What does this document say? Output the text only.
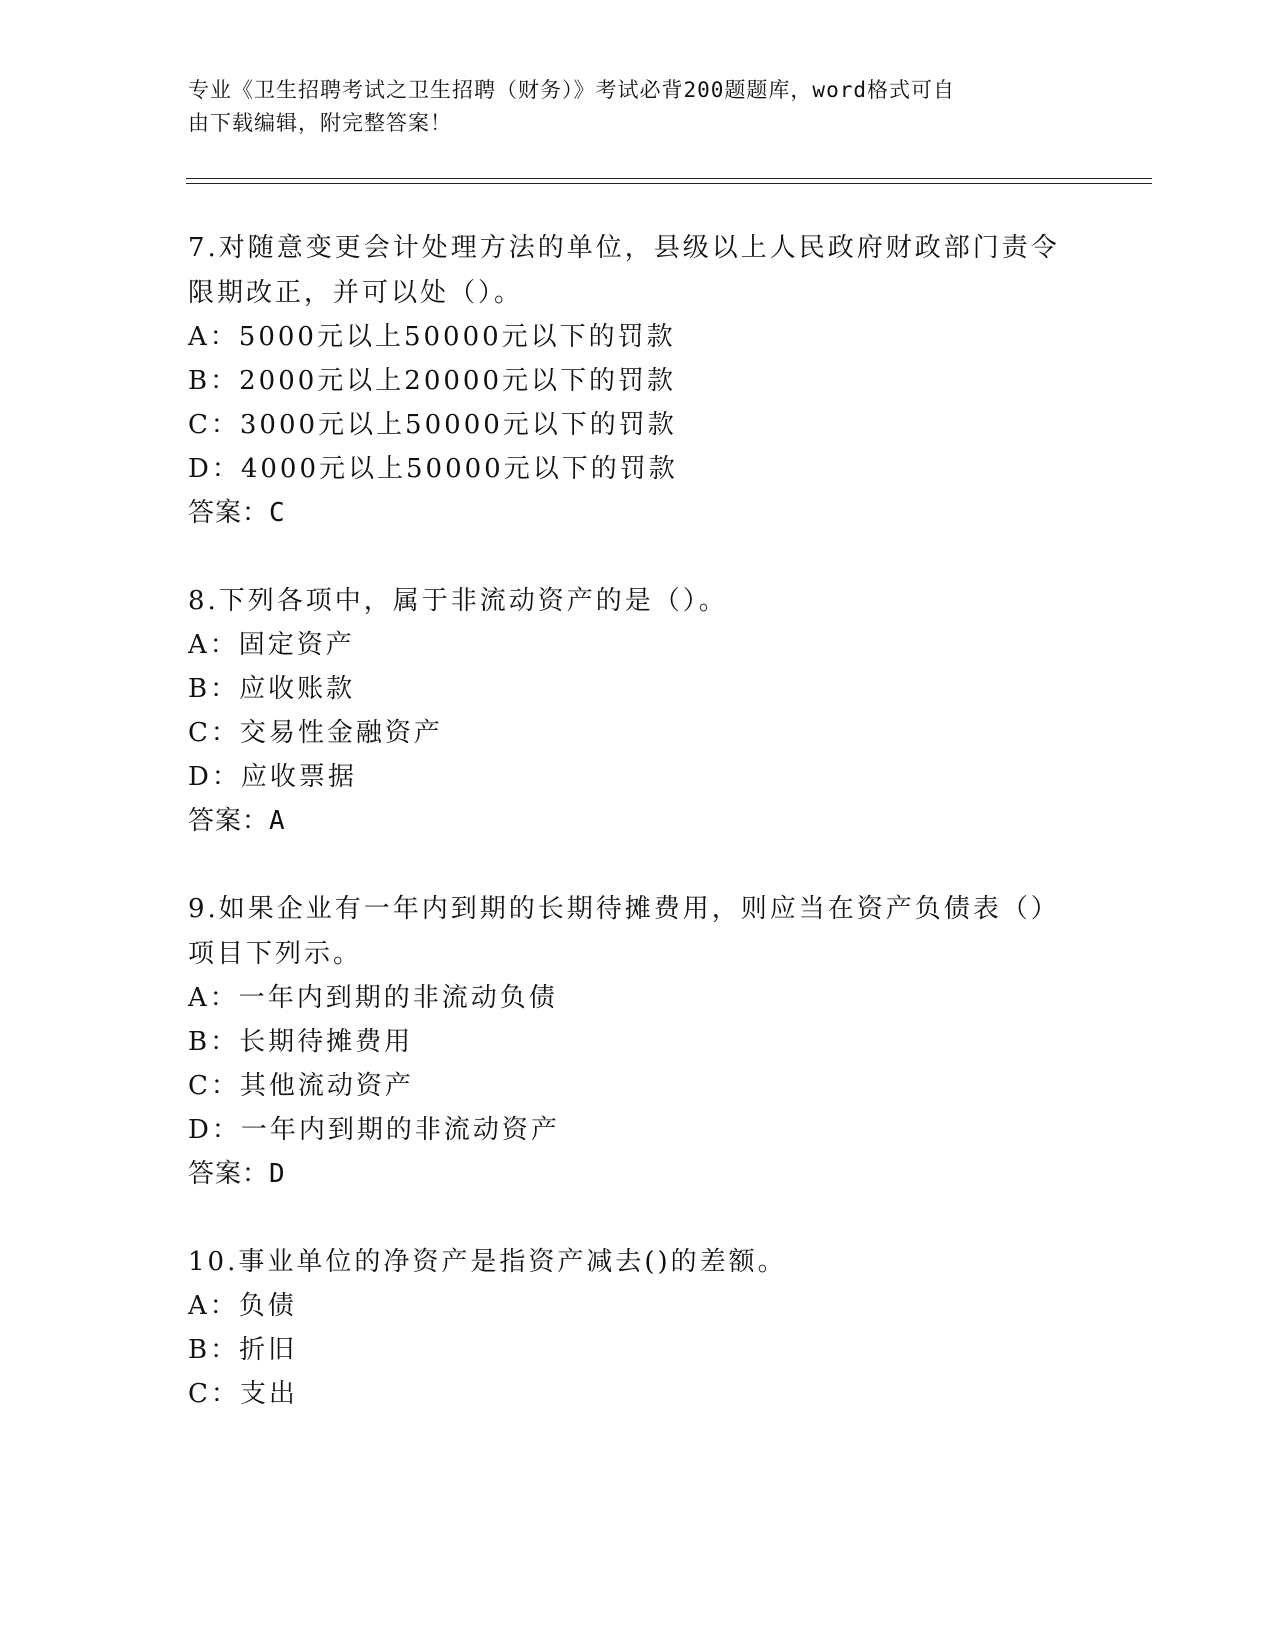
专业《卫生招聘考试之卫生招聘（财务）》考试必背200题题库，word格式可自
由下载编辑，附完整答案！
7.对随意变更会计处理方法的单位，县级以上人民政府财政部门责令
限期改正，并可以处（）。
A：5000元以上50000元以下的罚款
B：2000元以上20000元以下的罚款
C：3000元以上50000元以下的罚款
D：4000元以上50000元以下的罚款
答案：C
8.下列各项中，属于非流动资产的是（）。
A：固定资产
B：应收账款
C：交易性金融资产
D：应收票据
答案：A
9.如果企业有一年内到期的长期待摊费用，则应当在资产负债表（）
项目下列示。
A：一年内到期的非流动负债
B：长期待摊费用
C：其他流动资产
D：一年内到期的非流动资产
答案：D
10.事业单位的净资产是指资产减去()的差额。
A：负债
B：折旧
C：支出
